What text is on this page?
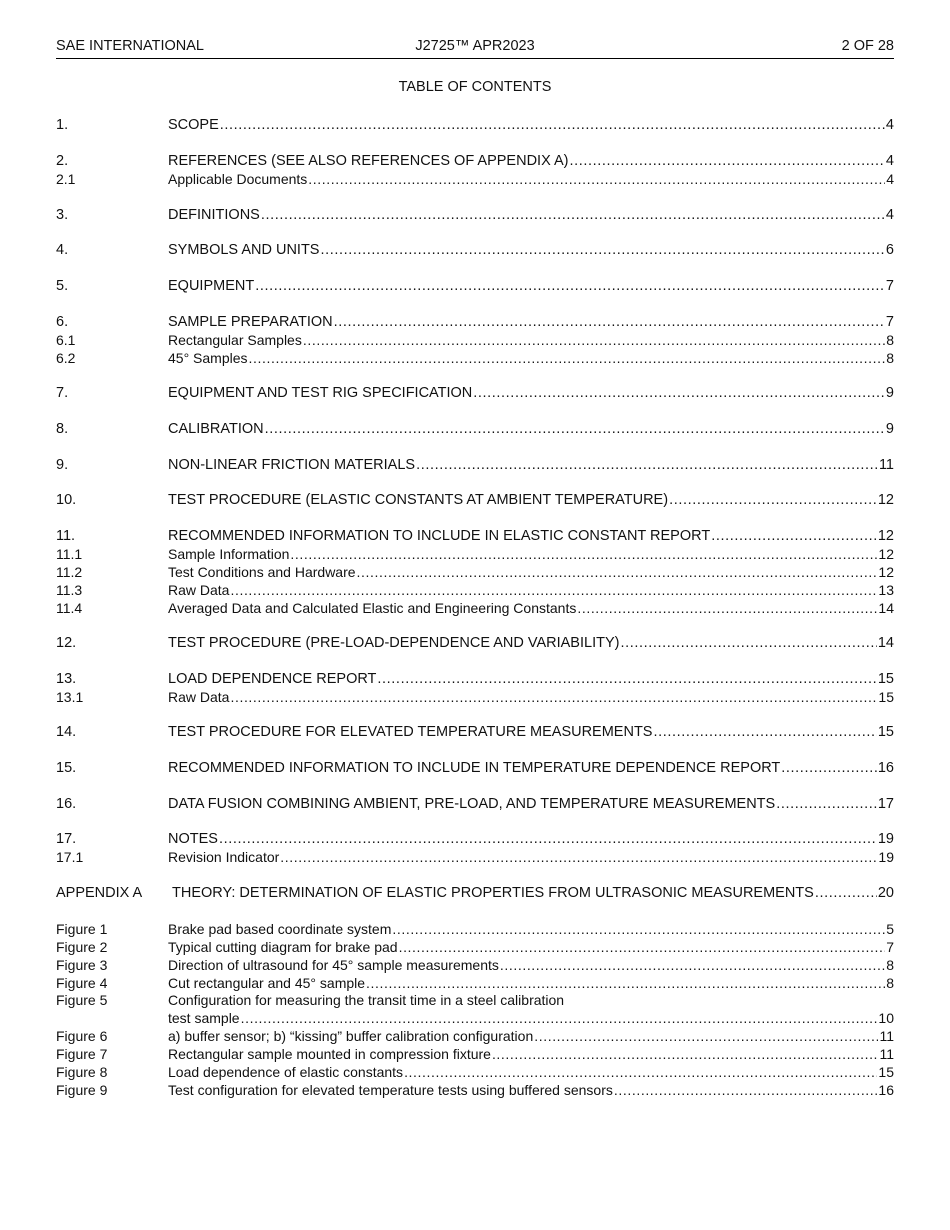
SAE INTERNATIONAL	J2725™ APR2023	2 OF 28
TABLE OF CONTENTS
1.	SCOPE .....	4
2.	REFERENCES (SEE ALSO REFERENCES OF APPENDIX A) .....	4
2.1	Applicable Documents .....	4
3.	DEFINITIONS .....	4
4.	SYMBOLS AND UNITS .....	6
5.	EQUIPMENT .....	7
6.	SAMPLE PREPARATION .....	7
6.1	Rectangular Samples .....	8
6.2	45° Samples .....	8
7.	EQUIPMENT AND TEST RIG SPECIFICATION .....	9
8.	CALIBRATION .....	9
9.	NON-LINEAR FRICTION MATERIALS .....	11
10.	TEST PROCEDURE (ELASTIC CONSTANTS AT AMBIENT TEMPERATURE) .....	12
11.	RECOMMENDED INFORMATION TO INCLUDE IN ELASTIC CONSTANT REPORT .....	12
11.1	Sample Information .....	12
11.2	Test Conditions and Hardware .....	12
11.3	Raw Data .....	13
11.4	Averaged Data and Calculated Elastic and Engineering Constants .....	14
12.	TEST PROCEDURE (PRE-LOAD-DEPENDENCE AND VARIABILITY) .....	14
13.	LOAD DEPENDENCE REPORT .....	15
13.1	Raw Data .....	15
14.	TEST PROCEDURE FOR ELEVATED TEMPERATURE MEASUREMENTS .....	15
15.	RECOMMENDED INFORMATION TO INCLUDE IN TEMPERATURE DEPENDENCE REPORT .....	16
16.	DATA FUSION COMBINING AMBIENT, PRE-LOAD, AND TEMPERATURE MEASUREMENTS .....	17
17.	NOTES .....	19
17.1	Revision Indicator .....	19
APPENDIX A THEORY: DETERMINATION OF ELASTIC PROPERTIES FROM ULTRASONIC MEASUREMENTS .....	20
Figure 1	Brake pad based coordinate system .....	5
Figure 2	Typical cutting diagram for brake pad .....	7
Figure 3	Direction of ultrasound for 45° sample measurements .....	8
Figure 4	Cut rectangular and 45° sample .....	8
Figure 5	Configuration for measuring the transit time in a steel calibration
test sample .....	10
Figure 6	a) buffer sensor; b) “kissing” buffer calibration configuration .....	11
Figure 7	Rectangular sample mounted in compression fixture .....	11
Figure 8	Load dependence of elastic constants .....	15
Figure 9	Test configuration for elevated temperature tests using buffered sensors .....	16
